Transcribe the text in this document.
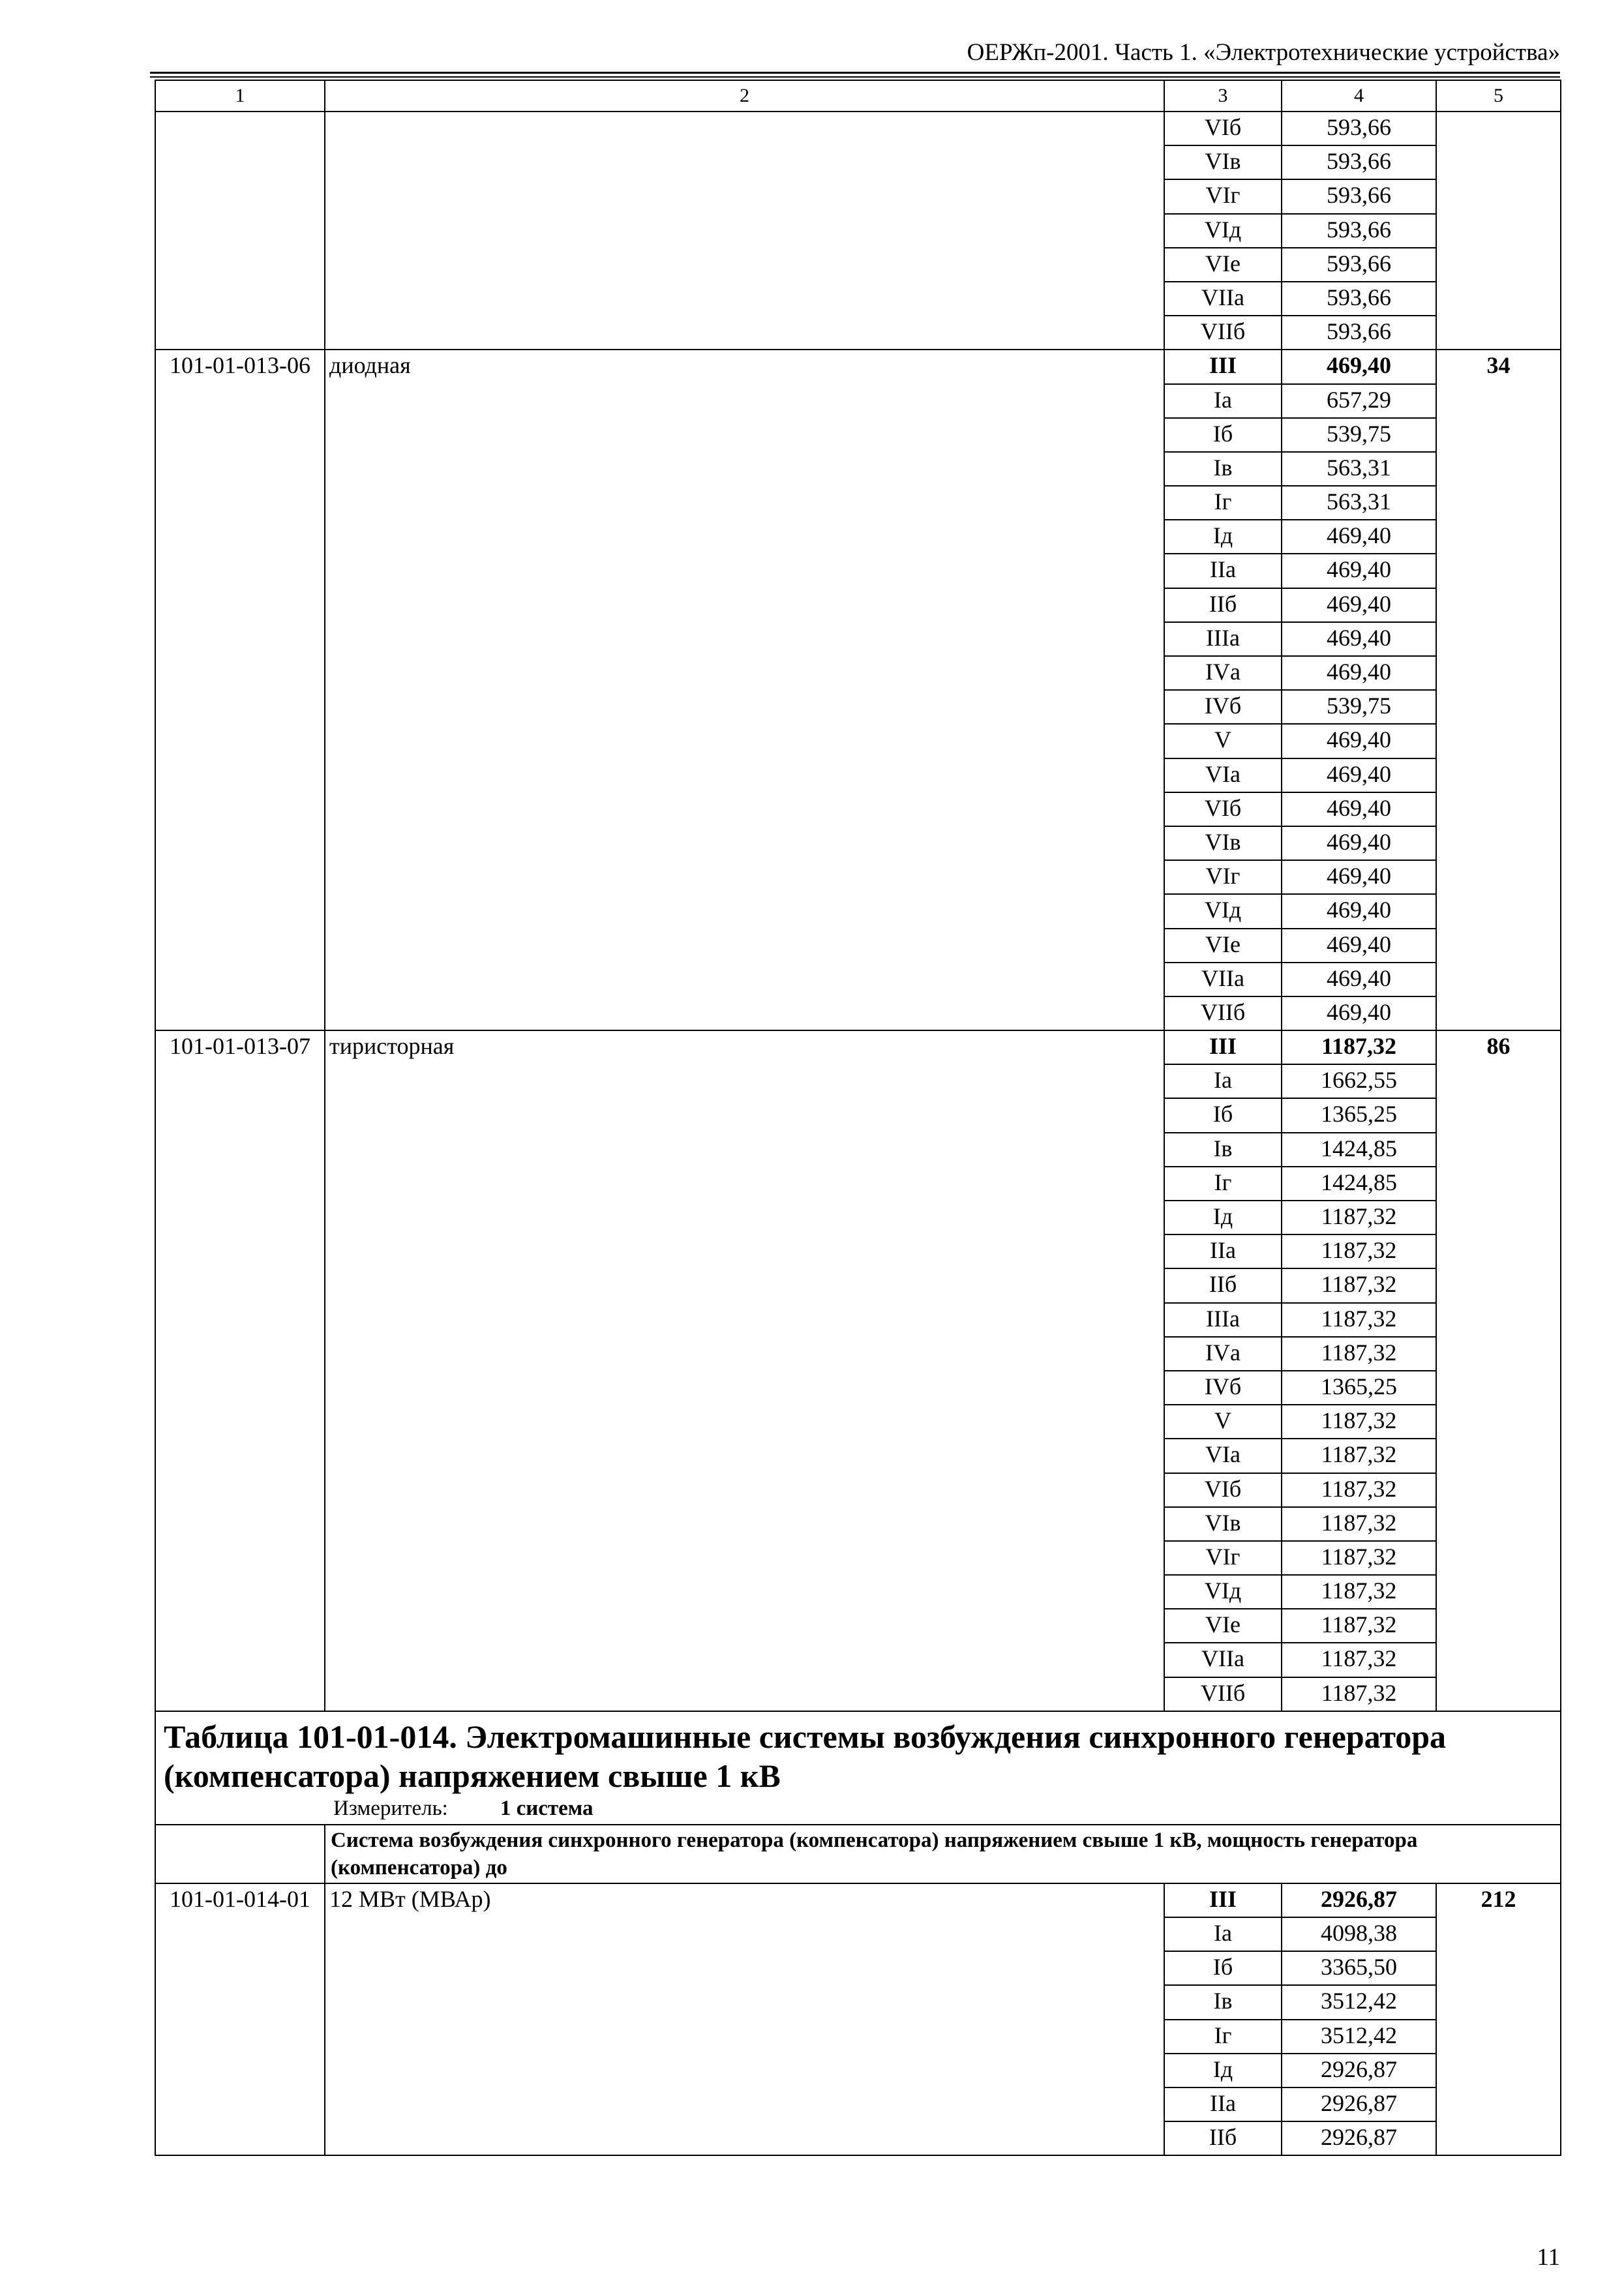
ОЕРЖп-2001. Часть 1. «Электротехнические устройства»
1	2	3	4	5
		VIб	593,66	
		VIв	593,66	
		VIг	593,66	
		VIд	593,66	
		VIе	593,66	
		VIIа	593,66	
		VIIб	593,66	
101-01-013-06	диодная	III	469,40	34
		Iа	657,29	
		Iб	539,75	
		Iв	563,31	
		Iг	563,31	
		Iд	469,40	
		IIа	469,40	
		IIб	469,40	
		IIIа	469,40	
		IVа	469,40	
		IVб	539,75	
		V	469,40	
		VIа	469,40	
		VIб	469,40	
		VIв	469,40	
		VIг	469,40	
		VIд	469,40	
		VIе	469,40	
		VIIа	469,40	
		VIIб	469,40	
101-01-013-07	тиристорная	III	1187,32	86
		Iа	1662,55	
		Iб	1365,25	
		Iв	1424,85	
		Iг	1424,85	
		Iд	1187,32	
		IIа	1187,32	
		IIб	1187,32	
		IIIа	1187,32	
		IVа	1187,32	
		IVб	1365,25	
		V	1187,32	
		VIа	1187,32	
		VIб	1187,32	
		VIв	1187,32	
		VIг	1187,32	
		VIд	1187,32	
		VIе	1187,32	
		VIIа	1187,32	
		VIIб	1187,32	

Таблица 101-01-014. Электромашинные системы возбуждения синхронного генератора (компенсатора) напряжением свыше 1 кВ
Измеритель: 1 система				

	Система возбуждения синхронного генератора (компенсатора) напряжением свыше 1 кВ, мощность генератора (компенсатора) до			
101-01-014-01	12 МВт (МВАр)	III	2926,87	212
		Iа	4098,38	
		Iб	3365,50	
		Iв	3512,42	
		Iг	3512,42	
		Iд	2926,87	
		IIа	2926,87	
		IIб	2926,87	
11
